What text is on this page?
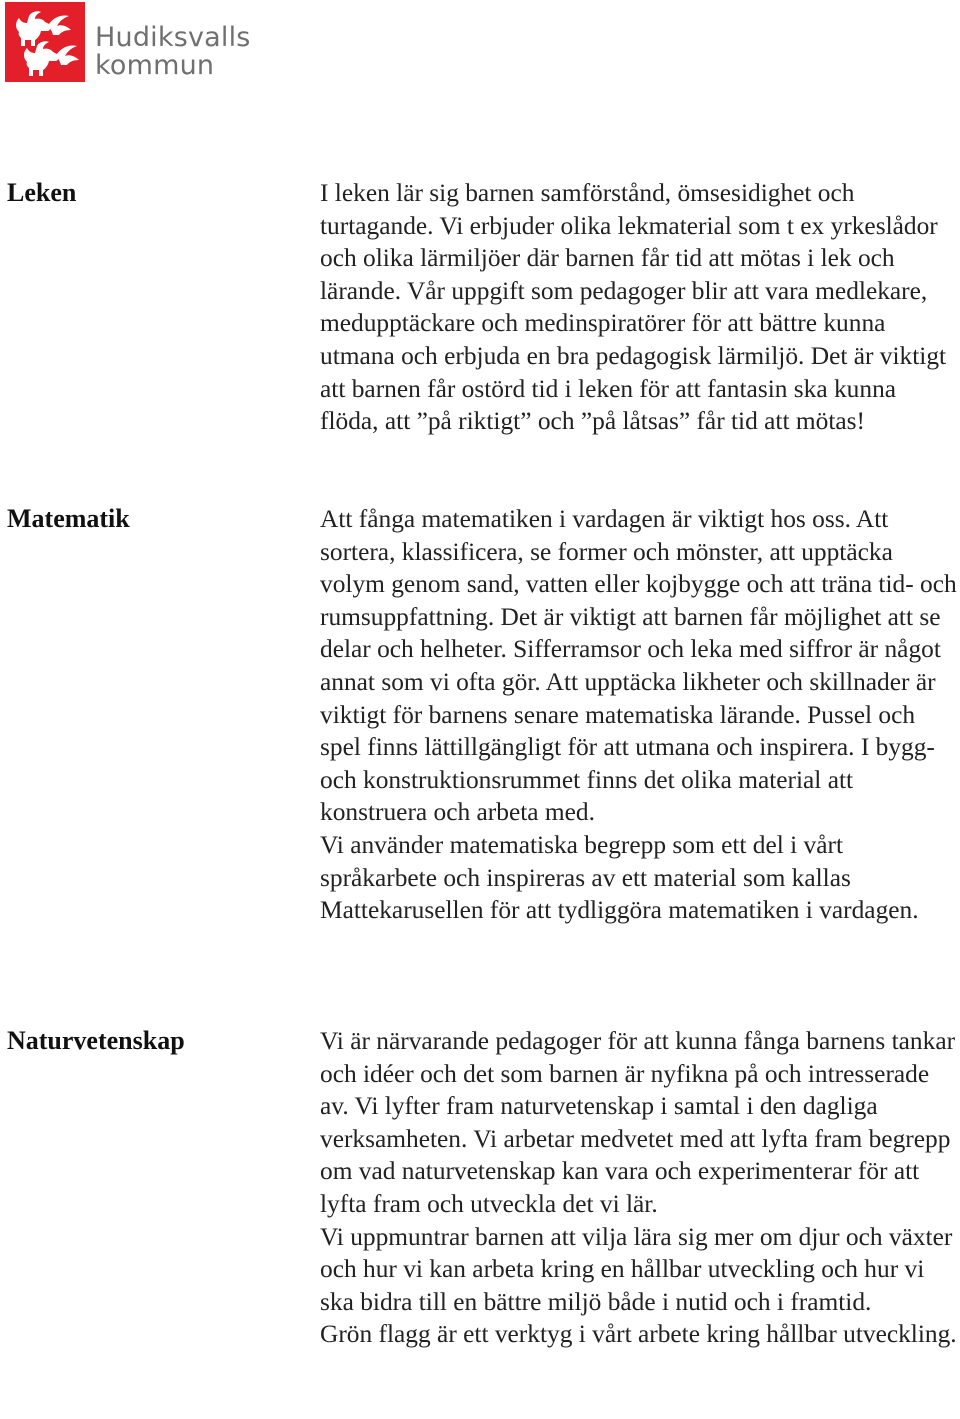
Hudiksvalls
kommun
Leken	I leken lär sig barnen samförstånd, ömsesidighet och turtagande. Vi erbjuder olika lekmaterial som t ex yrkeslådor och olika lärmiljöer där barnen får tid att mötas i lek och lärande. Vår uppgift som pedagoger blir att vara medlekare, medupptäckare och medinspiratörer för att bättre kunna utmana och erbjuda en bra pedagogisk lärmiljö. Det är viktigt att barnen får ostörd tid i leken för att fantasin ska kunna flöda, att ”på riktigt” och ”på låtsas” får tid att mötas!

Matematik	Att fånga matematiken i vardagen är viktigt hos oss. Att sortera, klassificera, se former och mönster, att upptäcka volym genom sand, vatten eller kojbygge och att träna tid- och rumsuppfattning. Det är viktigt att barnen får möjlighet att se delar och helheter. Sifferramsor och leka med siffror är något annat som vi ofta gör. Att upptäcka likheter och skillnader är viktigt för barnens senare matematiska lärande. Pussel och spel finns lättillgängligt för att utmana och inspirera. I bygg- och konstruktionsrummet finns det olika material att konstruera och arbeta med.

Vi använder matematiska begrepp som ett del i vårt språkarbete och inspireras av ett material som kallas Mattekarusellen för att tydliggöra matematiken i vardagen.

Naturvetenskap	Vi är närvarande pedagoger för att kunna fånga barnens tankar och idéer och det som barnen är nyfikna på och intresserade av. Vi lyfter fram naturvetenskap i samtal i den dagliga verksamheten. Vi arbetar medvetet med att lyfta fram begrepp om vad naturvetenskap kan vara och experimenterar för att lyfta fram och utveckla det vi lär.

Vi uppmuntrar barnen att vilja lära sig mer om djur och växter och hur vi kan arbeta kring en hållbar utveckling och hur vi ska bidra till en bättre miljö både i nutid och i framtid.

Grön flagg är ett verktyg i vårt arbete kring hållbar utveckling.
